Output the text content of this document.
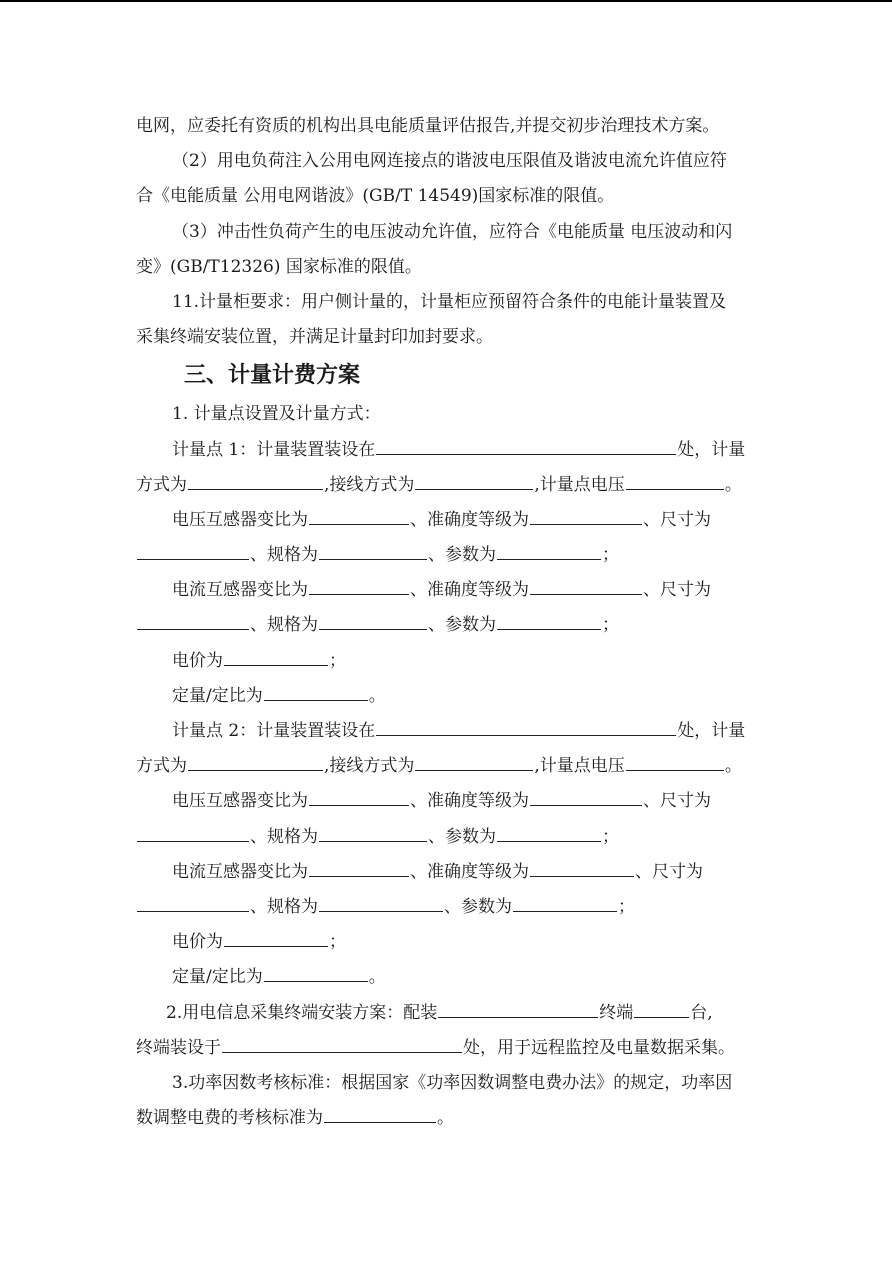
电网，应委托有资质的机构出具电能质量评估报告,并提交初步治理技术方案。
（2）用电负荷注入公用电网连接点的谐波电压限值及谐波电流允许值应符
合《电能质量 公用电网谐波》(GB/T 14549)国家标准的限值。
（3）冲击性负荷产生的电压波动允许值，应符合《电能质量 电压波动和闪
变》(GB/T12326) 国家标准的限值。
11.计量柜要求：用户侧计量的，计量柜应预留符合条件的电能计量装置及
采集终端安装位置，并满足计量封印加封要求。
三、计量计费方案
1. 计量点设置及计量方式：
计量点 1：计量装置装设在	处，计量
方式为	,接线方式为	,计量点电压	。
电压互感器变比为	、准确度等级为	、尺寸为
、规格为	、参数为	；
电流互感器变比为	、准确度等级为	、尺寸为
、规格为	、参数为	；
电价为	；
定量/定比为	。
计量点 2：计量装置装设在	处，计量
方式为	,接线方式为	,计量点电压	。
电压互感器变比为	、准确度等级为	、尺寸为
、规格为	、参数为	；
电流互感器变比为	、准确度等级为	、尺寸为
、规格为	、参数为	；
电价为	；
定量/定比为	。
2.用电信息采集终端安装方案：配装	终端	台,
终端装设于	处，用于远程监控及电量数据采集。
3.功率因数考核标准：根据国家《功率因数调整电费办法》的规定，功率因
数调整电费的考核标准为	。
